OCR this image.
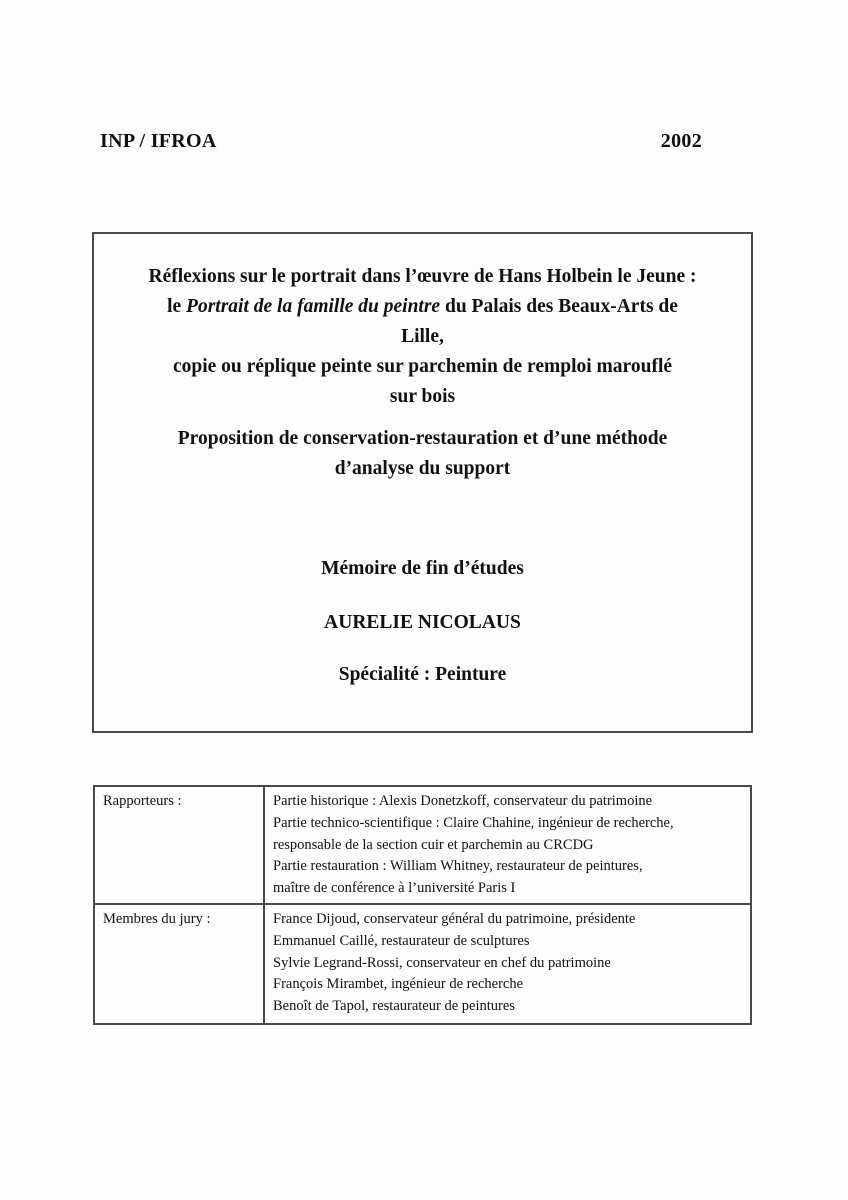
INP / IFROA	2002

Réflexions sur le portrait dans l’œuvre de Hans Holbein le Jeune :

le Portrait de la famille du peintre du Palais des Beaux-Arts de

Lille,

copie ou réplique peinte sur parchemin de remploi marouflé

sur bois

Proposition de conservation-restauration et d’une méthode

d’analyse du support

Mémoire de fin d’études

AURELIE NICOLAUS

Spécialité : Peinture

Rapporteurs :	Partie historique : Alexis Donetzkoff, conservateur du patrimoine
Partie technico-scientifique : Claire Chahine, ingénieur de recherche,
responsable de la section cuir et parchemin au CRCDG
Partie restauration : William Whitney, restaurateur de peintures,
maître de conférence à l’université Paris I

Membres du jury :	France Dijoud, conservateur général du patrimoine, présidente
Emmanuel Caillé, restaurateur de sculptures
Sylvie Legrand-Rossi, conservateur en chef du patrimoine
François Mirambet, ingénieur de recherche
Benoît de Tapol, restaurateur de peintures
